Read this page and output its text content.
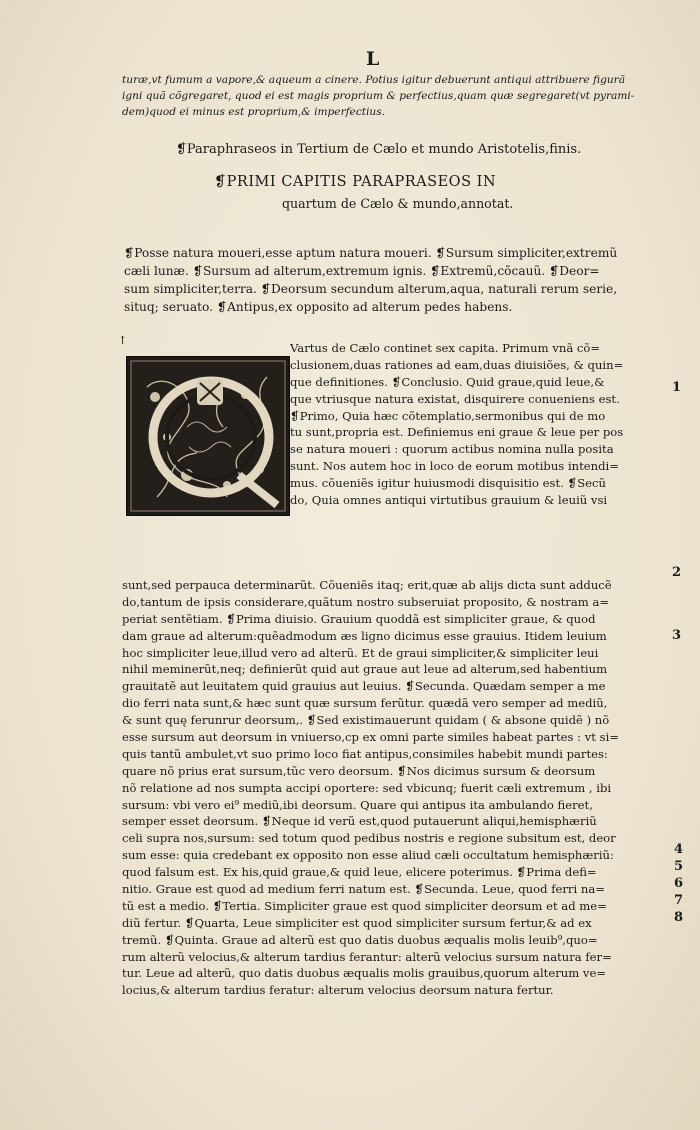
L
turæ,vt fumum a vapore,& aqueum a cinere. Potius igitur debuerunt antiqui attribuere figurã
igni quã cõgregaret, quod ei est magis proprium & perfectius,quam quæ segregaret(vt pyrami-
dem)quod ei minus est proprium,& imperfectius.
❡Paraphraseos in Tertium de Cælo et mundo Aristotelis,finis.
❡PRIMI CAPITIS PARAPRASEOS IN
quartum de Cælo & mundo,annotat.
❡Posse natura moueri,esse aptum natura moueri. ❡Sursum simpliciter,extremũ
cæli lunæ. ❡Sursum ad alterum,extremum ignis. ❡Extremũ,cõcauũ. ❡Deor=
sum simpliciter,terra. ❡Deorsum secundum alterum,aqua, naturali rerum serie,
situq; seruato. ❡Antipus,ex opposito ad alterum pedes habens.
↑
Vartus de Cælo continet sex capita. Primum vnã cõ=
clusionem,duas rationes ad eam,duas diuisiões, & quin=
que definitiones. ❡Conclusio. Quid graue,quid leue,&
que vtriusque natura existat, disquirere conueniens est.
❡Primo, Quia hæc cõtemplatio,sermonibus qui de mo
tu sunt,propria est. Definiemus eni graue & leue per pos
se natura moueri : quorum actibus nomina nulla posita
sunt. Nos autem hoc in loco de eorum motibus intendi=
mus. cõueniẽs igitur huiusmodi disquisitio est. ❡Secũ
do, Quia omnes antiqui virtutibus grauium & leuiũ vsi
sunt,sed perpauca determinarũt. Cõueniẽs itaq; erit,quæ ab alijs dicta sunt adducẽ
do,tantum de ipsis considerare,quãtum nostro subseruiat proposito, & nostram a=
periat sentẽtiam. ❡Prima diuisio. Grauium quoddã est simpliciter graue, & quod
dam graue ad alterum:quẽadmodum æs ligno dicimus esse grauius. Itidem leuium
hoc simpliciter leue,illud vero ad alterũ. Et de graui simpliciter,& simpliciter leui
nihil meminerũt,neq; definierũt quid aut graue aut leue ad alterum,sed habentium
grauitatẽ aut leuitatem quid grauius aut leuius. ❡Secunda. Quædam semper a me
dio ferri nata sunt,& hæc sunt quæ sursum ferũtur. quædã vero semper ad mediũ,
& sunt quę ferunrur deorsum,. ❡Sed existimauerunt quidam ( & absone quidẽ ) nõ
esse sursum aut deorsum in vniuerso,cp ex omni parte similes habeat partes : vt si=
quis tantũ ambulet,vt suo primo loco fiat antipus,consimiles habebit mundi partes:
quare nõ prius erat sursum,tũc vero deorsum. ❡Nos dicimus sursum & deorsum
nõ relatione ad nos sumpta accipi oportere: sed vbicunq; fuerit cæli extremum , ibi
sursum: vbi vero ei⁹ mediũ,ibi deorsum. Quare qui antipus ita ambulando fieret,
semper esset deorsum. ❡Neque id verũ est,quod putauerunt aliqui,hemisphæriũ
celi supra nos,sursum: sed totum quod pedibus nostris e regione subsitum est, deor
sum esse: quia credebant ex opposito non esse aliud cæli occultatum hemisphæriũ:
quod falsum est. Ex his,quid graue,& quid leue, elicere poterimus. ❡Prima defi=
nitio. Graue est quod ad medium ferri natum est. ❡Secunda. Leue, quod ferri na=
tũ est a medio. ❡Tertia. Simpliciter graue est quod simpliciter deorsum et ad me=
diũ fertur. ❡Quarta, Leue simpliciter est quod simpliciter sursum fertur,& ad ex
tremũ. ❡Quinta. Graue ad alterũ est quo datis duobus æqualis molis leuib⁹,quo=
rum alterũ velocius,& alterum tardius ferantur: alterũ velocius sursum natura fer=
tur. Leue ad alterũ, quo datis duobus æqualis molis grauibus,quorum alterum ve=
locius,& alterum tardius feratur: alterum velocius deorsum natura fertur.
1
2
3
4
5
6
7
8
